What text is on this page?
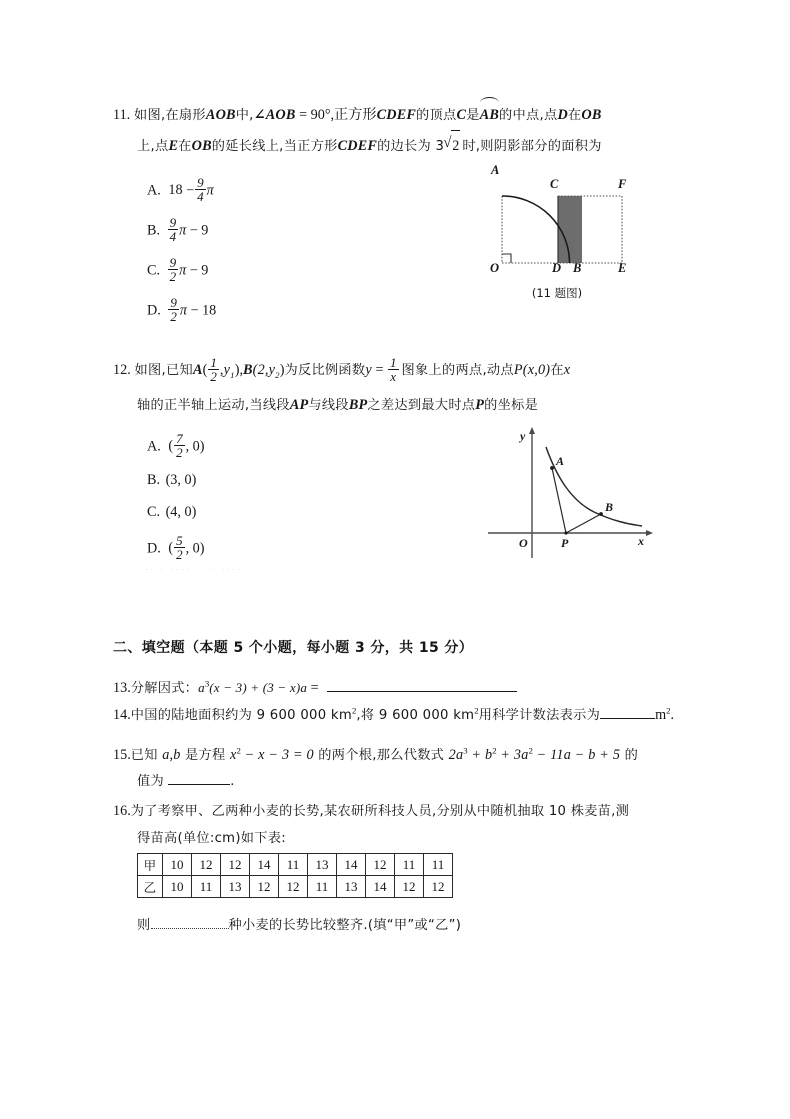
11. 如图,在扇形AOB中,∠AOB = 90°,正方形CDEF的顶点C是AB的中点,点D在OB
上,点E在OB的延长线上,当正方形CDEF的边长为 3 √ 2 时,则阴影部分的面积为
A. $18 - \frac{9}{4}$ π
B. $\frac{9}{4}$ π − 9
C. $\frac{9}{2}$ π − 9
D. $\frac{9}{2}$ π − 18
A
C	F
O	D B	E
(11 题图)
12. 如图,已知$A( \frac{1}{2} ,y_1),B(2,y_2)$为反比例函数$y = \frac{1}{x}$ 图象上的两点,动点P(x,0)在x
轴的正半轴上运动,当线段AP与线段BP之差达到最大时点P的坐标是
A. ( $\frac{7}{2}$ , 0)
B. (3, 0)
C. (4, 0)
D. ( $\frac{5}{2}$ , 0)
· ·· · ···· · ·· ····
A
B
P
O	x
y
二、填空题（本题 5 个小题，每小题 3 分，共 15 分）
13.分解因式：$a^3(x - 3) + (3 - x)a$ =
14.中国的陆地面积约为 9 600 000 $km^2$,将 9 600 000 $km^2$用科学计数法表示为	$m^2$.
15.已知 a,b 是方程 $x^2 - x - 3 = 0$ 的两个根,那么代数式 $2a^3 + b^2 + 3a^2 - 11a - b + 5$ 的
值为	.
16.为了考察甲、乙两种小麦的长势,某农研所科技人员,分别从中随机抽取 10 株麦苗,测
得苗高(单位:cm)如下表:
甲	10	12	12	14	11	13	14	12	11	11
乙	10	11	13	12	12	11	13	14	12	12
则	种小麦的长势比较整齐.(填“甲”或“乙”)
